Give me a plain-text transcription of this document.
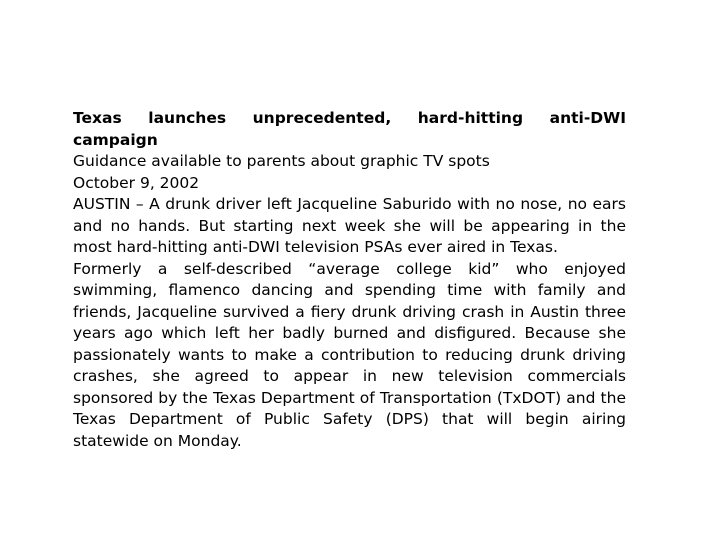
Texas launches unprecedented, hard-hitting anti-DWI campaign

Guidance available to parents about graphic TV spots

October 9, 2002

AUSTIN – A drunk driver left Jacqueline Saburido with no nose, no ears and no hands. But starting next week she will be appearing in the most hard-hitting anti-DWI television PSAs ever aired in Texas.

Formerly a self-described “average college kid” who enjoyed swimming, flamenco dancing and spending time with family and friends, Jacqueline survived a fiery drunk driving crash in Austin three years ago which left her badly burned and disfigured. Because she passionately wants to make a contribution to reducing drunk driving crashes, she agreed to appear in new television commercials sponsored by the Texas Department of Transportation (TxDOT) and the Texas Department of Public Safety (DPS) that will begin airing statewide on Monday.
